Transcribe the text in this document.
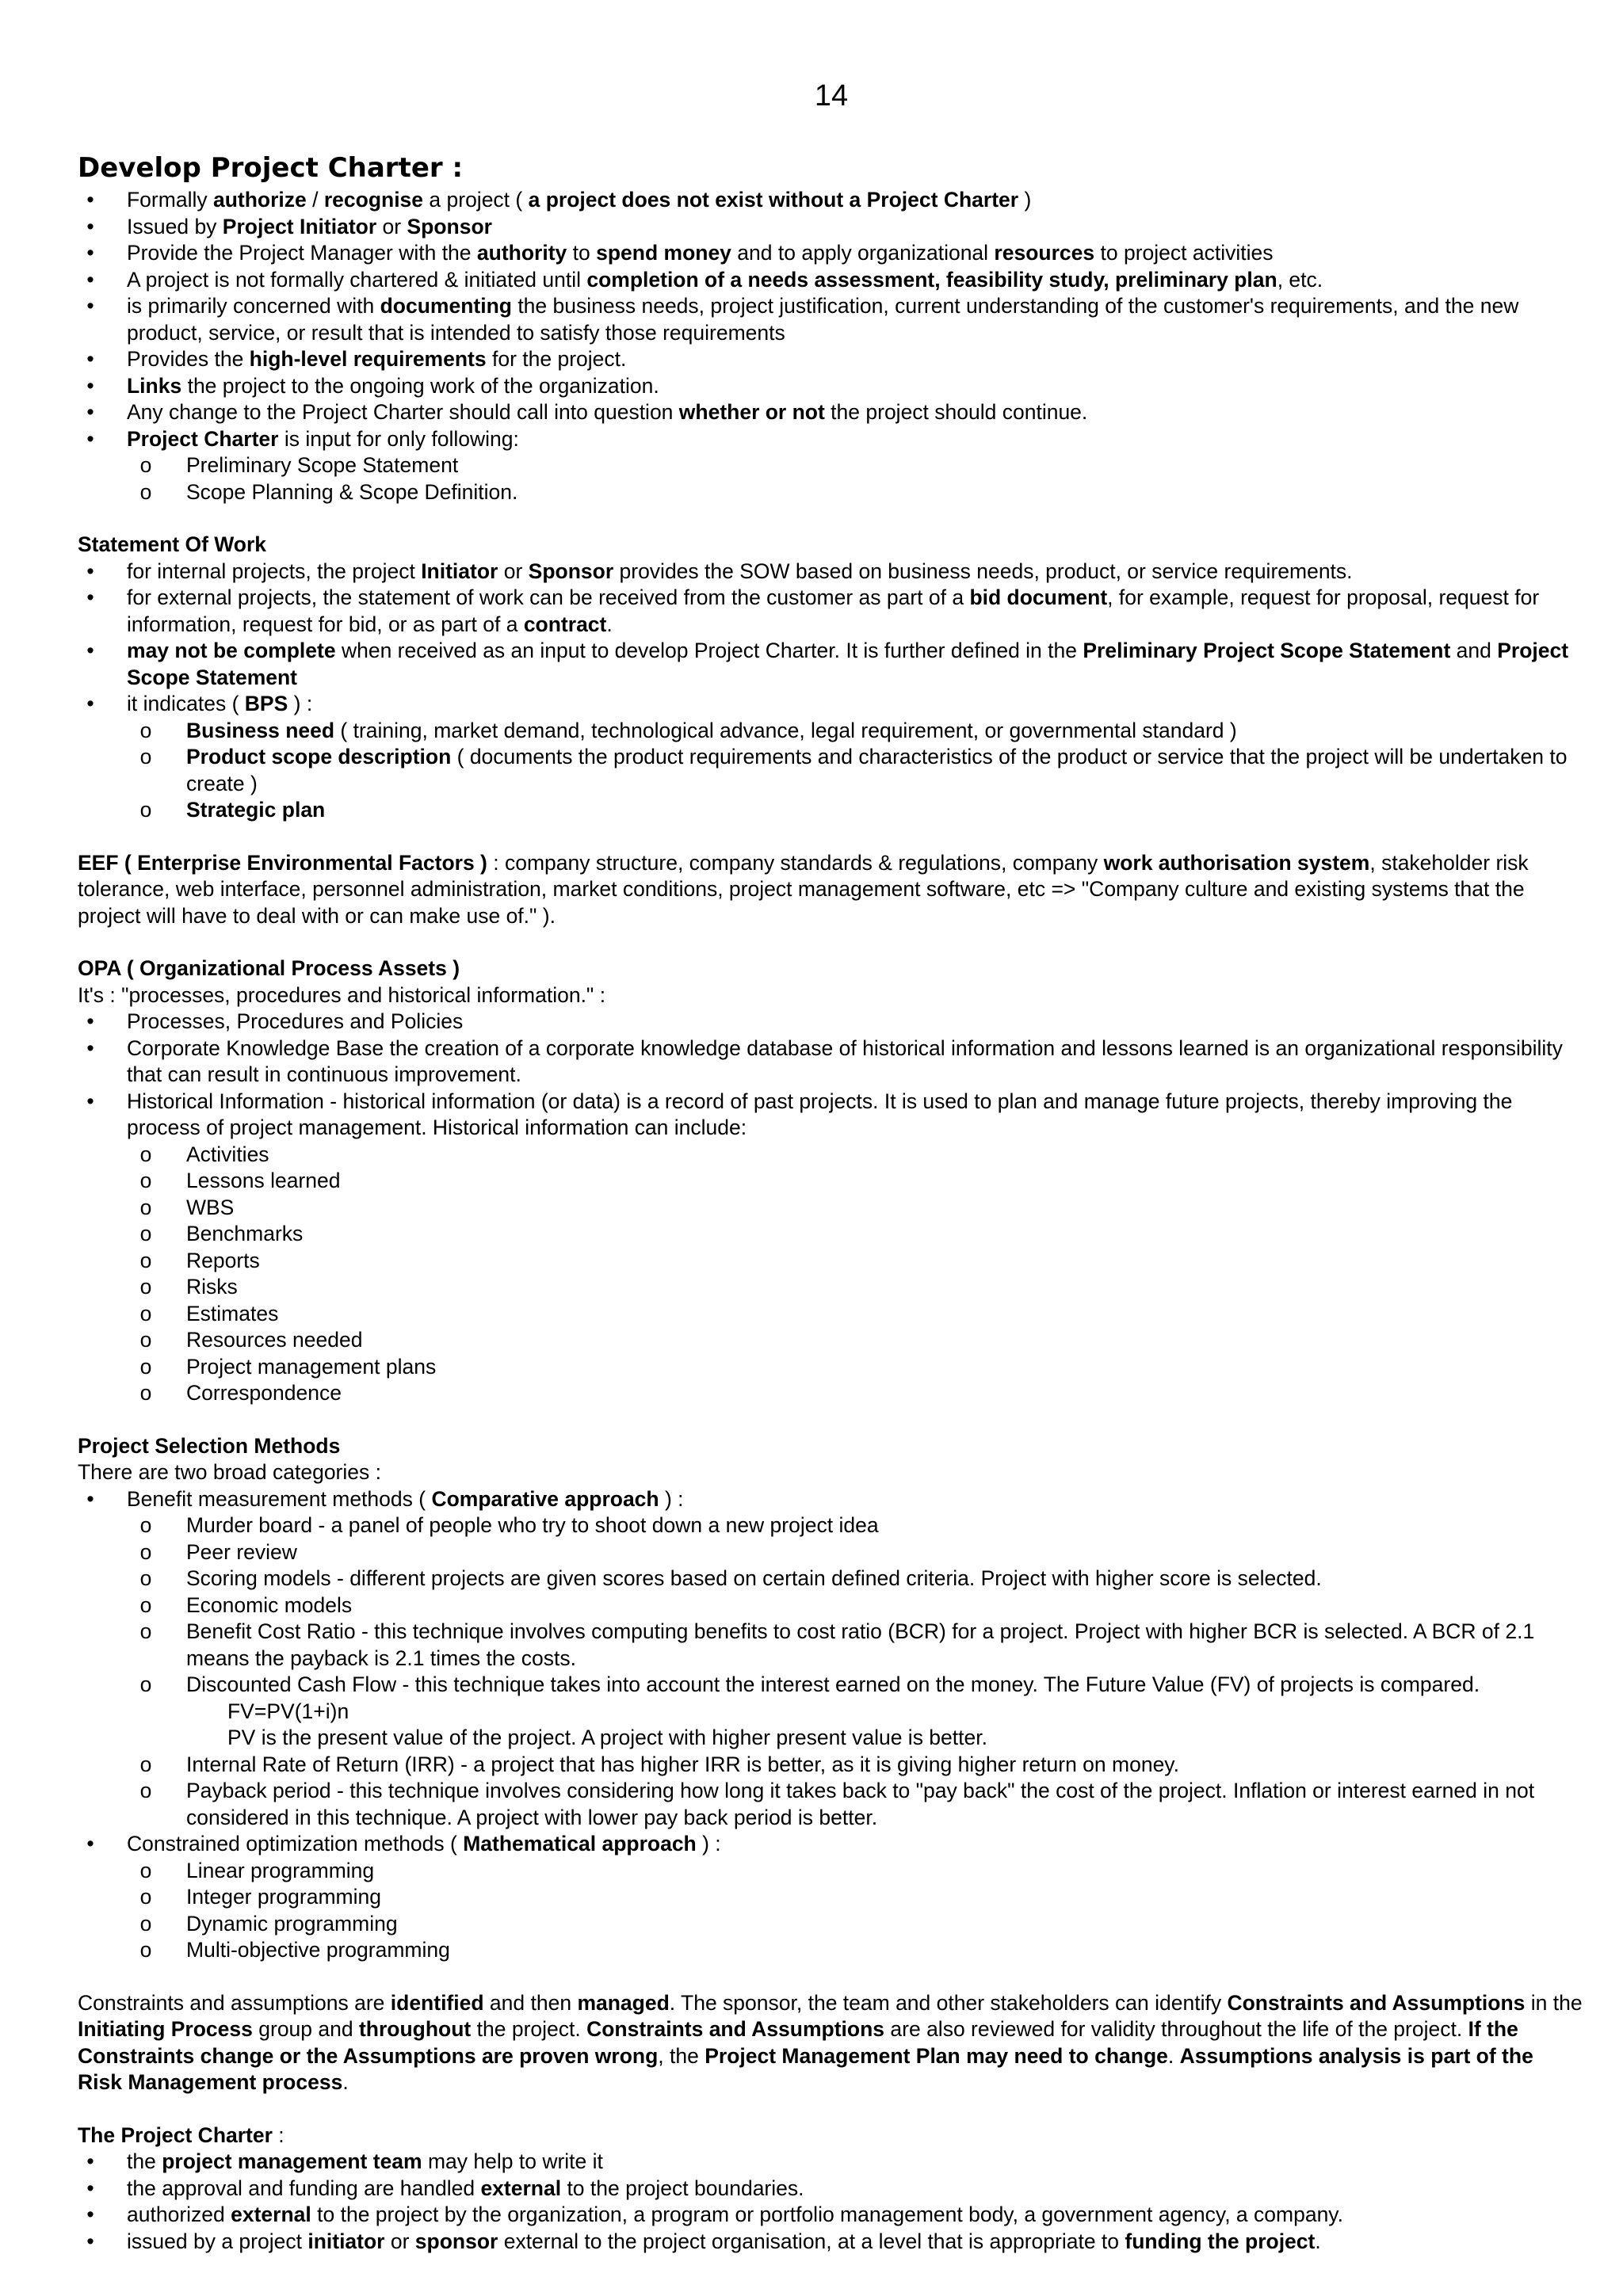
14
Develop Project Charter :
• Formally authorize / recognise a project ( a project does not exist without a Project Charter )
• Issued by Project Initiator or Sponsor
• Provide the Project Manager with the authority to spend money and to apply organizational resources to project activities
• A project is not formally chartered & initiated until completion of a needs assessment, feasibility study, preliminary plan, etc.
• is primarily concerned with documenting the business needs, project justification, current understanding of the customer's requirements, and the new product, service, or result that is intended to satisfy those requirements
• Provides the high-level requirements for the project.
• Links the project to the ongoing work of the organization.
• Any change to the Project Charter should call into question whether or not the project should continue.
• Project Charter is input for only following:
o Preliminary Scope Statement
o Scope Planning & Scope Definition.

Statement Of Work

• for internal projects, the project Initiator or Sponsor provides the SOW based on business needs, product, or service requirements.
• for external projects, the statement of work can be received from the customer as part of a bid document, for example, request for proposal, request for information, request for bid, or as part of a contract.
• may not be complete when received as an input to develop Project Charter. It is further defined in the Preliminary Project Scope Statement and Project Scope Statement
• it indicates ( BPS ) :
o Business need ( training, market demand, technological advance, legal requirement, or governmental standard )
o Product scope description ( documents the product requirements and characteristics of the product or service that the project will be undertaken to create )
o Strategic plan

EEF ( Enterprise Environmental Factors ) : company structure, company standards & regulations, company work authorisation system, stakeholder risk tolerance, web interface, personnel administration, market conditions, project management software, etc => "Company culture and existing systems that the project will have to deal with or can make use of." ).

OPA ( Organizational Process Assets )

It's : "processes, procedures and historical information." :

• Processes, Procedures and Policies
• Corporate Knowledge Base the creation of a corporate knowledge database of historical information and lessons learned is an organizational responsibility that can result in continuous improvement.
• Historical Information - historical information (or data) is a record of past projects. It is used to plan and manage future projects, thereby improving the process of project management. Historical information can include:
o Activities
o Lessons learned
o WBS
o Benchmarks
o Reports
o Risks
o Estimates
o Resources needed
o Project management plans
o Correspondence

Project Selection Methods

There are two broad categories :

• Benefit measurement methods ( Comparative approach ) :
o Murder board - a panel of people who try to shoot down a new project idea
o Peer review
o Scoring models - different projects are given scores based on certain defined criteria. Project with higher score is selected.
o Economic models
o Benefit Cost Ratio - this technique involves computing benefits to cost ratio (BCR) for a project. Project with higher BCR is selected. A BCR of 2.1 means the payback is 2.1 times the costs.
o Discounted Cash Flow - this technique takes into account the interest earned on the money. The Future Value (FV) of projects is compared.
FV=PV(1+i)n
PV is the present value of the project. A project with higher present value is better.
o Internal Rate of Return (IRR) - a project that has higher IRR is better, as it is giving higher return on money.
o Payback period - this technique involves considering how long it takes back to "pay back" the cost of the project. Inflation or interest earned in not considered in this technique. A project with lower pay back period is better.
• Constrained optimization methods ( Mathematical approach ) :
o Linear programming
o Integer programming
o Dynamic programming
o Multi-objective programming

Constraints and assumptions are identified and then managed. The sponsor, the team and other stakeholders can identify Constraints and Assumptions in the Initiating Process group and throughout the project. Constraints and Assumptions are also reviewed for validity throughout the life of the project. If the Constraints change or the Assumptions are proven wrong, the Project Management Plan may need to change. Assumptions analysis is part of the Risk Management process.

The Project Charter :

• the project management team may help to write it
• the approval and funding are handled external to the project boundaries.
• authorized external to the project by the organization, a program or portfolio management body, a government agency, a company.
• issued by a project initiator or sponsor external to the project organisation, at a level that is appropriate to funding the project.
